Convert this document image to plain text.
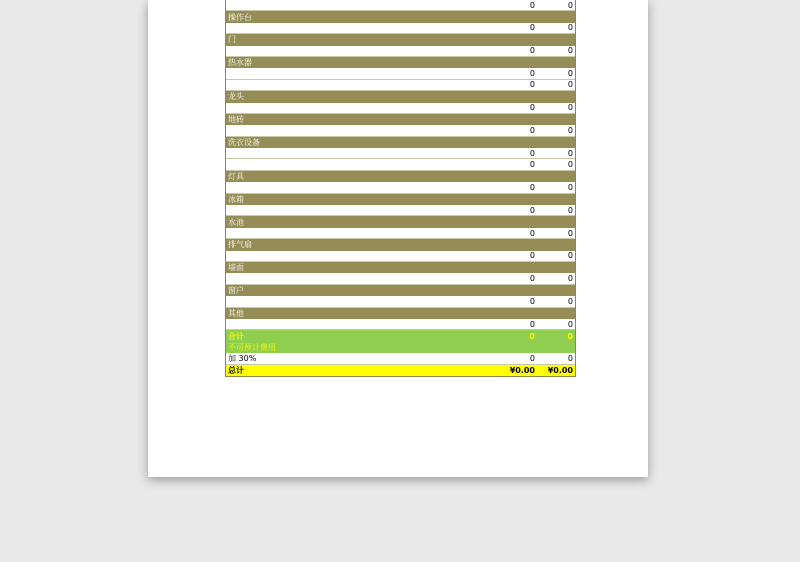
0	0
操作台
0	0
门
0	0
热水器
0	0
0	0
龙头
0	0
地砖
0	0
洗衣设备
0	0
0	0
灯具
0	0
冰箱
0	0
水池
0	0
排气扇
0	0
墙面
0	0
窗户
0	0
其他
0	0
合计	0	0
不可预计费用
加 30%	0	0
总计	¥0.00	¥0.00
